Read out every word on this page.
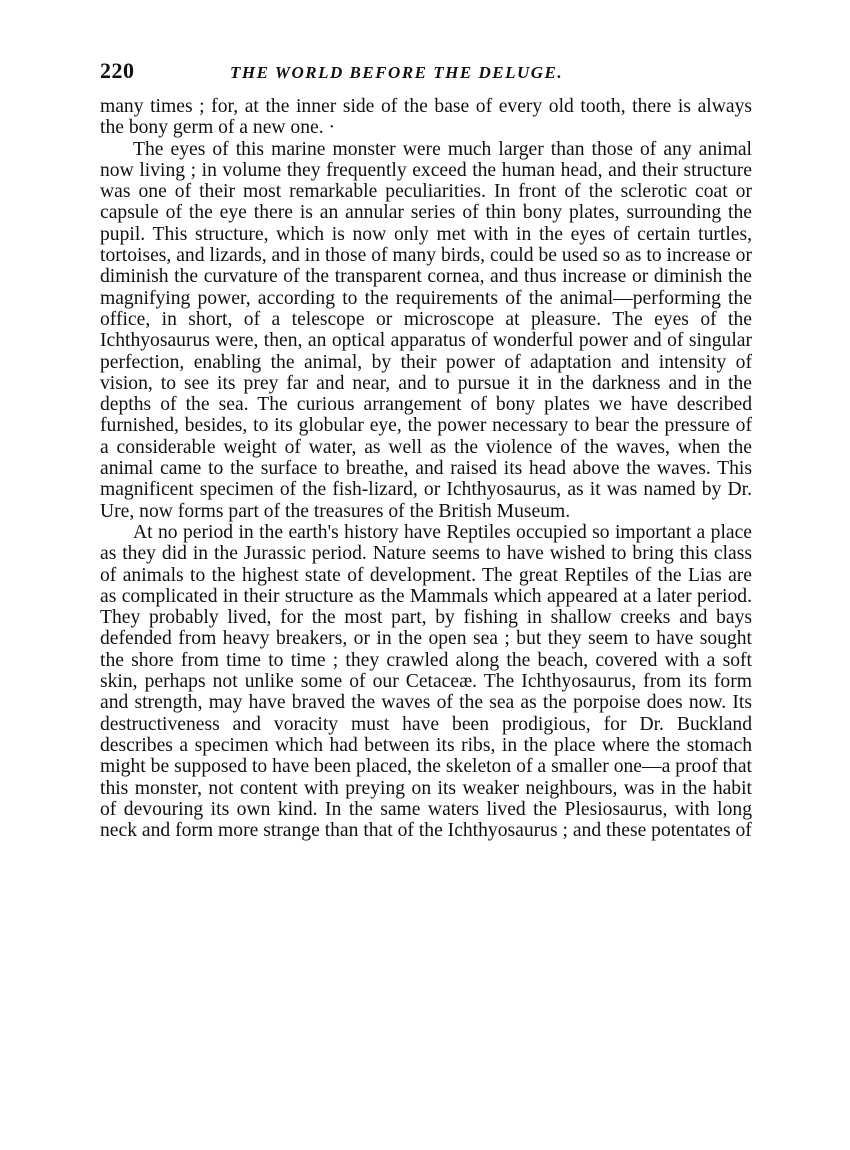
220	THE WORLD BEFORE THE DELUGE.

many times ; for, at the inner side of the base of every old tooth, there is always the bony germ of a new one. ·

The eyes of this marine monster were much larger than those of any animal now living ; in volume they frequently exceed the human head, and their structure was one of their most remarkable peculiarities. In front of the sclerotic coat or capsule of the eye there is an annular series of thin bony plates, surrounding the pupil. This structure, which is now only met with in the eyes of certain turtles, tortoises, and lizards, and in those of many birds, could be used so as to increase or diminish the curvature of the transparent cornea, and thus increase or diminish the magnifying power, according to the requirements of the animal—performing the office, in short, of a telescope or microscope at pleasure. The eyes of the Ichthyosaurus were, then, an optical apparatus of wonderful power and of singular perfection, enabling the animal, by their power of adaptation and intensity of vision, to see its prey far and near, and to pursue it in the darkness and in the depths of the sea. The curious arrangement of bony plates we have described furnished, besides, to its globular eye, the power necessary to bear the pressure of a considerable weight of water, as well as the violence of the waves, when the animal came to the surface to breathe, and raised its head above the waves. This magnificent specimen of the fish-lizard, or Ichthyosaurus, as it was named by Dr. Ure, now forms part of the treasures of the British Museum.

At no period in the earth's history have Reptiles occupied so important a place as they did in the Jurassic period. Nature seems to have wished to bring this class of animals to the highest state of development. The great Reptiles of the Lias are as complicated in their structure as the Mammals which appeared at a later period. They probably lived, for the most part, by fishing in shallow creeks and bays defended from heavy breakers, or in the open sea ; but they seem to have sought the shore from time to time ; they crawled along the beach, covered with a soft skin, perhaps not unlike some of our Cetaceæ. The Ichthyosaurus, from its form and strength, may have braved the waves of the sea as the porpoise does now. Its destructiveness and voracity must have been prodigious, for Dr. Buckland describes a specimen which had between its ribs, in the place where the stomach might be supposed to have been placed, the skeleton of a smaller one—a proof that this monster, not content with preying on its weaker neighbours, was in the habit of devouring its own kind. In the same waters lived the Plesiosaurus, with long neck and form more strange than that of the Ichthyosaurus ; and these potentates of
